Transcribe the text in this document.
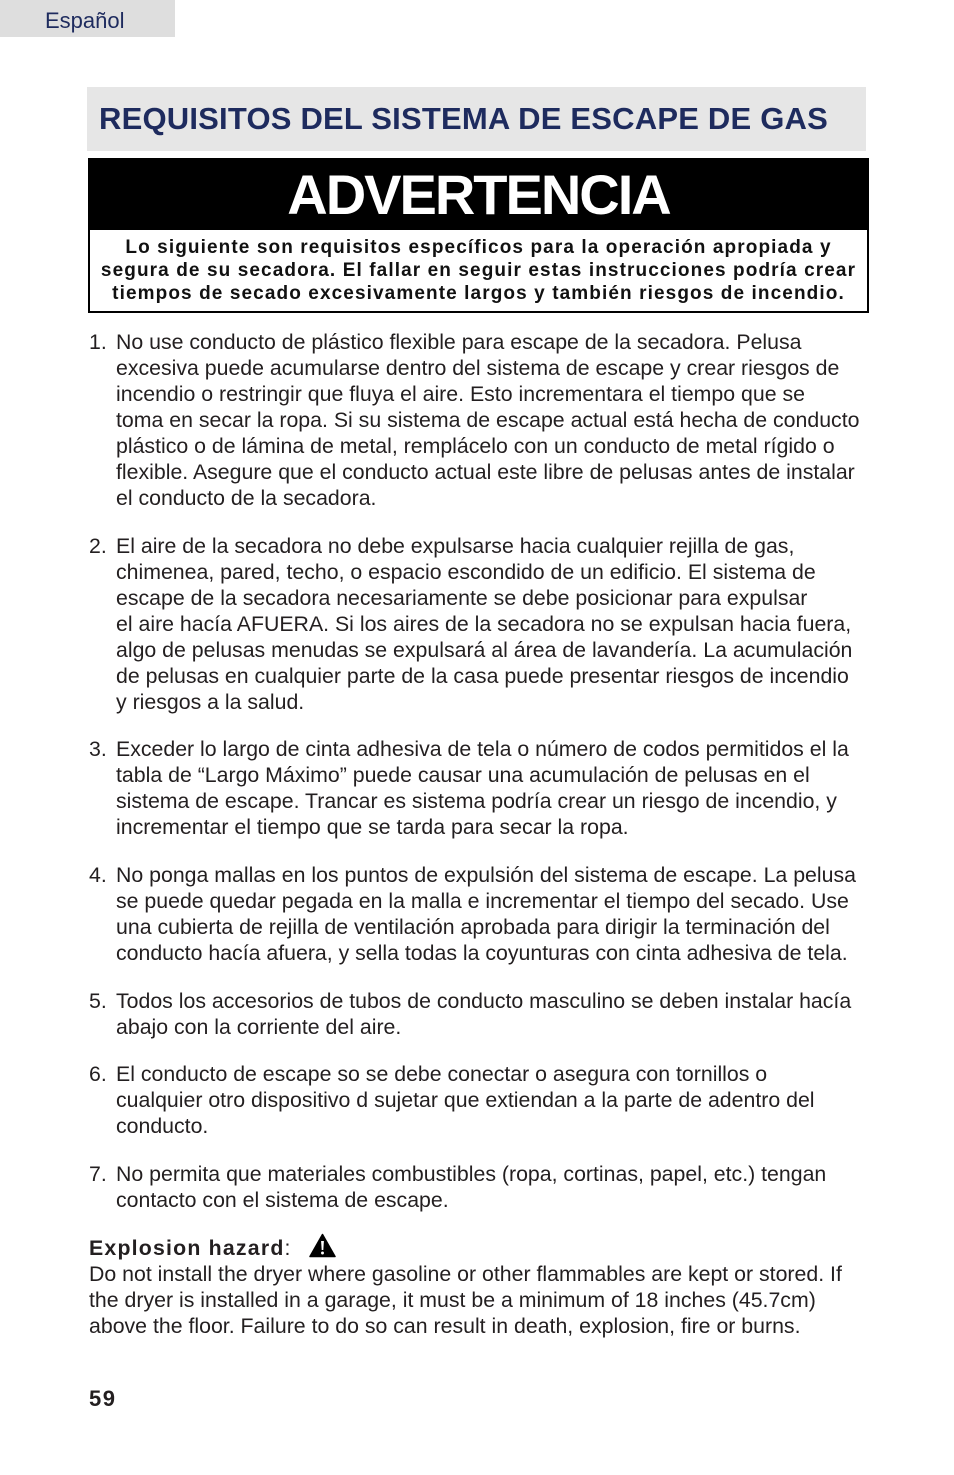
Español
REQUISITOS DEL SISTEMA DE ESCAPE DE GAS
ADVERTENCIA
Lo siguiente son requisitos específicos para la operación apropiada y
segura de su secadora. El fallar en seguir estas instrucciones podría crear
tiempos de secado excesivamente largos y también riesgos de incendio.
1. No use conducto de plástico flexible para escape de la secadora. Pelusa
excesiva puede acumularse dentro del sistema de escape y crear riesgos de
incendio o restringir que fluya el aire. Esto incrementara el tiempo que se
toma en secar la ropa. Si su sistema de escape actual está hecha de conducto
plástico o de lámina de metal, remplácelo con un conducto de metal rígido o
flexible. Asegure que el conducto actual este libre de pelusas antes de instalar
el conducto de la secadora.
2. El aire de la secadora no debe expulsarse hacia cualquier rejilla de gas,
chimenea, pared, techo, o espacio escondido de un edificio. El sistema de
escape de la secadora necesariamente se debe posicionar para expulsar
el aire hacía AFUERA. Si los aires de la secadora no se expulsan hacia fuera,
algo de pelusas menudas se expulsará al área de lavandería. La acumulación
de pelusas en cualquier parte de la casa puede presentar riesgos de incendio
y riesgos a la salud.
3. Exceder lo largo de cinta adhesiva de tela o número de codos permitidos el la
tabla de “Largo Máximo” puede causar una acumulación de pelusas en el
sistema de escape. Trancar es sistema podría crear un riesgo de incendio, y
incrementar el tiempo que se tarda para secar la ropa.
4. No ponga mallas en los puntos de expulsión del sistema de escape. La pelusa
se puede quedar pegada en la malla e incrementar el tiempo del secado. Use
una cubierta de rejilla de ventilación aprobada para dirigir la terminación del
conducto hacía afuera, y sella todas la coyunturas con cinta adhesiva de tela.
5. Todos los accesorios de tubos de conducto masculino se deben instalar hacía
abajo con la corriente del aire.
6. El conducto de escape so se debe conectar o asegura con tornillos o
cualquier otro dispositivo d sujetar que extiendan a la parte de adentro del
conducto.
7. No permita que materiales combustibles (ropa, cortinas, papel, etc.) tengan
contacto con el sistema de escape.
Explosion hazard:
Do not install the dryer where gasoline or other flammables are kept or stored. If
the dryer is installed in a garage, it must be a minimum of 18 inches (45.7cm)
above the floor. Failure to do so can result in death, explosion, fire or burns.
59
